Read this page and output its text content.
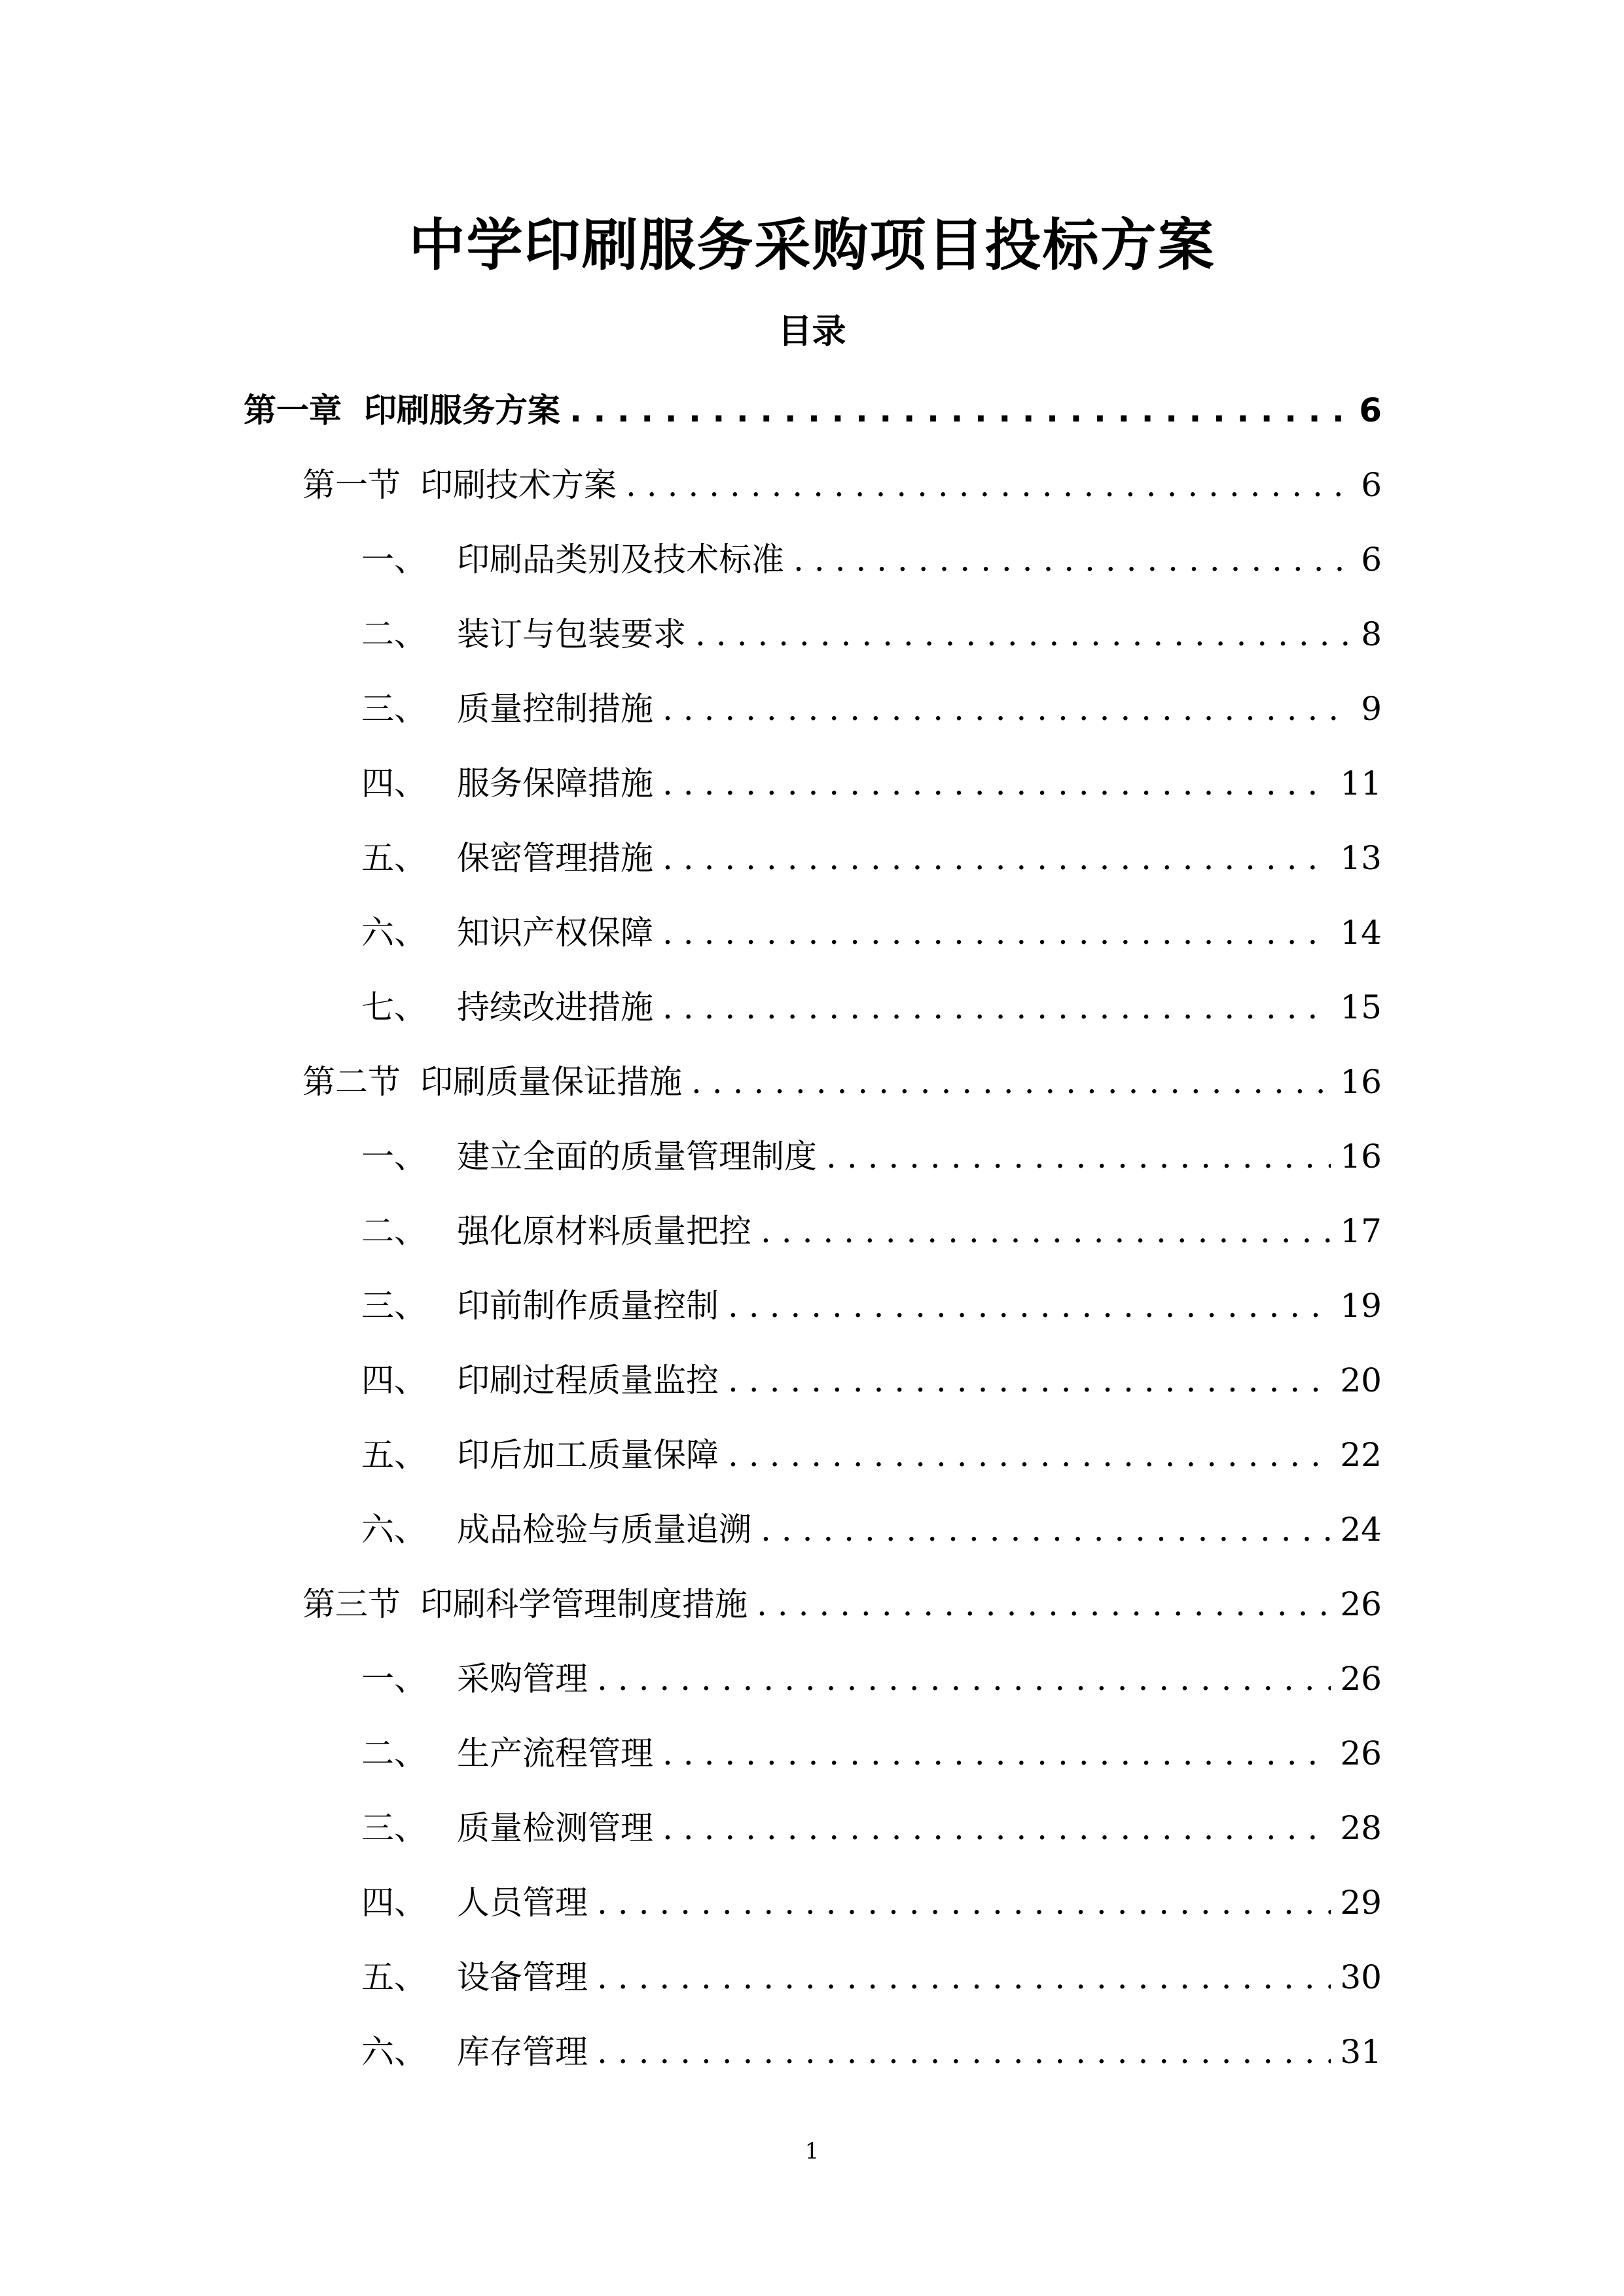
中学印刷服务采购项目投标方案
目录
第一章 印刷服务方案 . . .	6
第一节 印刷技术方案 . . .	6
一、 印刷品类别及技术标准 . . .	6
二、 装订与包装要求 . . .	8
三、 质量控制措施 . . .	9
四、 服务保障措施 . . .	11
五、 保密管理措施 . . .	13
六、 知识产权保障 . . .	14
七、 持续改进措施 . . .	15
第二节 印刷质量保证措施 . . .	16
一、 建立全面的质量管理制度 . . .	16
二、 强化原材料质量把控 . . .	17
三、 印前制作质量控制 . . .	19
四、 印刷过程质量监控 . . .	20
五、 印后加工质量保障 . . .	22
六、 成品检验与质量追溯 . . .	24
第三节 印刷科学管理制度措施 . . .	26
一、 采购管理 . . .	26
二、 生产流程管理 . . .	26
三、 质量检测管理 . . .	28
四、 人员管理 . . .	29
五、 设备管理 . . .	30
六、 库存管理 . . .	31
1
